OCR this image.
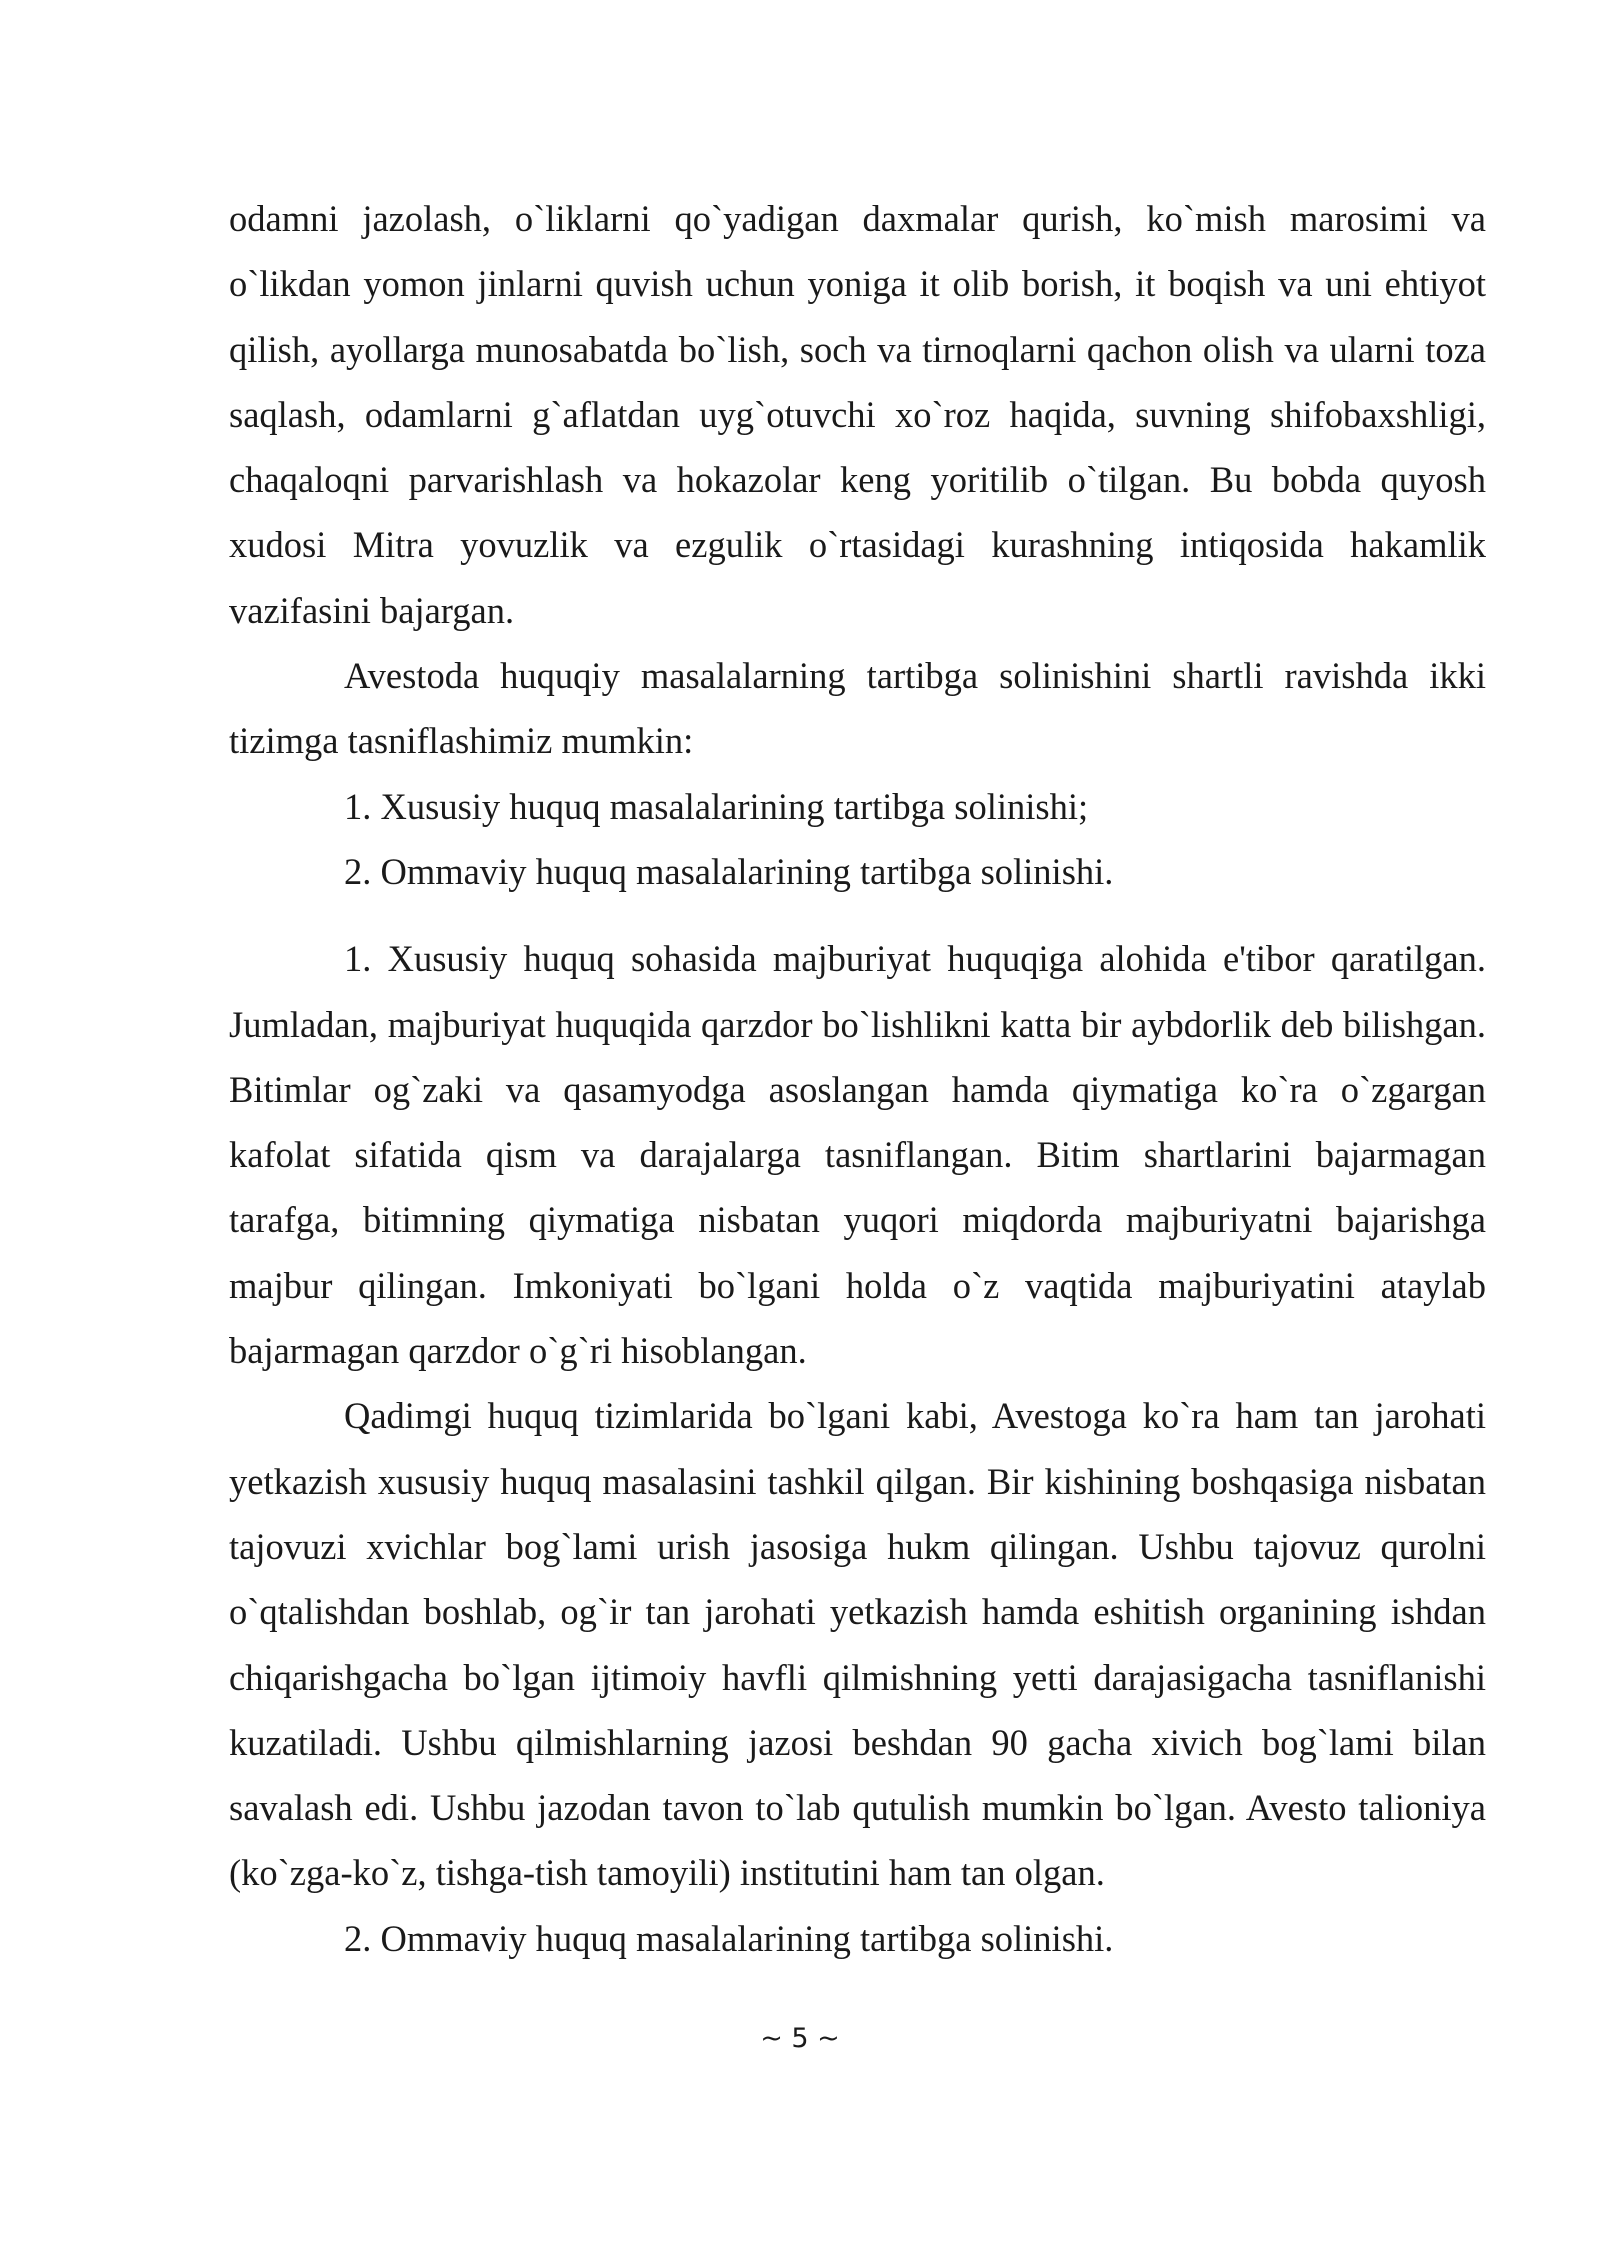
odamni jazolash, o`liklarni qo`yadigan daxmalar qurish, ko`mish marosimi va o`likdan yomon jinlarni quvish uchun yoniga it olib borish, it boqish va uni ehtiyot qilish, ayollarga munosabatda bo`lish, soch va tirnoqlarni qachon olish va ularni toza saqlash, odamlarni g`aflatdan uyg`otuvchi xo`roz haqida, suvning shifobaxshligi, chaqaloqni parvarishlash va hokazolar keng yoritilib o`tilgan. Bu bobda quyosh xudosi Mitra yovuzlik va ezgulik o`rtasidagi kurashning intiqosida hakamlik vazifasini bajargan.

Avestoda huquqiy masalalarning tartibga solinishini shartli ravishda ikki tizimga tasniflashimiz mumkin:

1. Xususiy huquq masalalarining tartibga solinishi;

2. Ommaviy huquq masalalarining tartibga solinishi.

1. Xususiy huquq sohasida majburiyat huquqiga alohida e'tibor qaratilgan. Jumladan, majburiyat huquqida qarzdor bo`lishlikni katta bir aybdorlik deb bilishgan. Bitimlar og`zaki va qasamyodga asoslangan hamda qiymatiga ko`ra o`zgargan kafolat sifatida qism va darajalarga tasniflangan. Bitim shartlarini bajarmagan tarafga, bitimning qiymatiga nisbatan yuqori miqdorda majburiyatni bajarishga majbur qilingan. Imkoniyati bo`lgani holda o`z vaqtida majburiyatini ataylab bajarmagan qarzdor o`g`ri hisoblangan.

Qadimgi huquq tizimlarida bo`lgani kabi, Avestoga ko`ra ham tan jarohati yetkazish xususiy huquq masalasini tashkil qilgan. Bir kishining boshqasiga nisbatan tajovuzi xvichlar bog`lami urish jasosiga hukm qilingan. Ushbu tajovuz qurolni o`qtalishdan boshlab, og`ir tan jarohati yetkazish hamda eshitish organining ishdan chiqarishgacha bo`lgan ijtimoiy havfli qilmishning yetti darajasigacha tasniflanishi kuzatiladi. Ushbu qilmishlarning jazosi beshdan 90 gacha xivich bog`lami bilan savalash edi. Ushbu jazodan tavon to`lab qutulish mumkin bo`lgan. Avesto talioniya (ko`zga-ko`z, tishga-tish tamoyili) institutini ham tan olgan.

2. Ommaviy huquq masalalarining tartibga solinishi.

~ 5 ~
